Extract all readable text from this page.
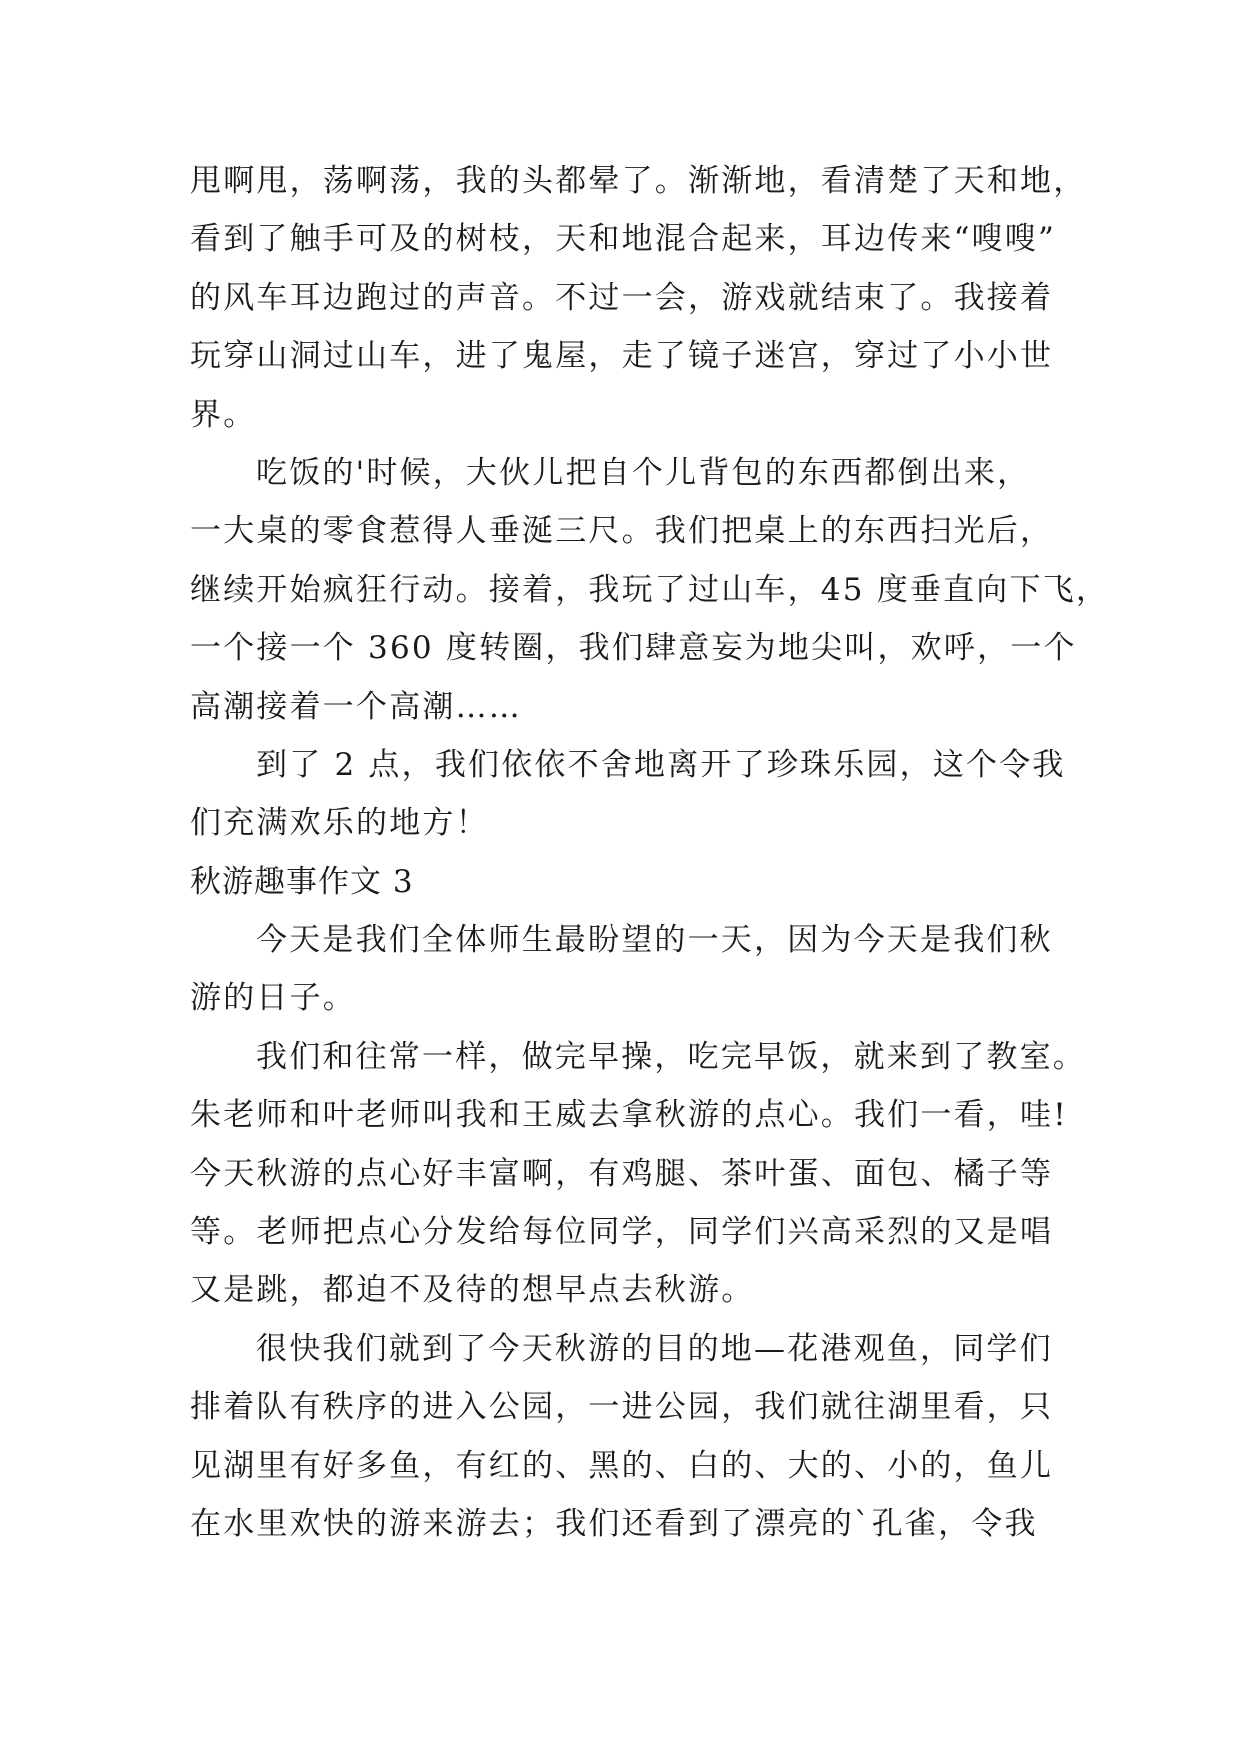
甩啊甩，荡啊荡，我的头都晕了。渐渐地，看清楚了天和地，
看到了触手可及的树枝，天和地混合起来，耳边传来“嗖嗖”
的风车耳边跑过的声音。不过一会，游戏就结束了。我接着
玩穿山洞过山车，进了鬼屋，走了镜子迷宫，穿过了小小世
界。
吃饭的'时候，大伙儿把自个儿背包的东西都倒出来，
一大桌的零食惹得人垂涎三尺。我们把桌上的东西扫光后，
继续开始疯狂行动。接着，我玩了过山车，45 度垂直向下飞，
一个接一个 360 度转圈，我们肆意妄为地尖叫，欢呼，一个
高潮接着一个高潮……
到了 2 点，我们依依不舍地离开了珍珠乐园，这个令我
们充满欢乐的地方！
秋游趣事作文 3
今天是我们全体师生最盼望的一天，因为今天是我们秋
游的日子。
我们和往常一样，做完早操，吃完早饭，就来到了教室。
朱老师和叶老师叫我和王威去拿秋游的点心。我们一看，哇!
今天秋游的点心好丰富啊，有鸡腿、茶叶蛋、面包、橘子等
等。老师把点心分发给每位同学，同学们兴高采烈的又是唱
又是跳，都迫不及待的想早点去秋游。
很快我们就到了今天秋游的目的地—花港观鱼，同学们
排着队有秩序的进入公园，一进公园，我们就往湖里看，只
见湖里有好多鱼，有红的、黑的、白的、大的、小的，鱼儿
在水里欢快的游来游去；我们还看到了漂亮的`孔雀，令我
